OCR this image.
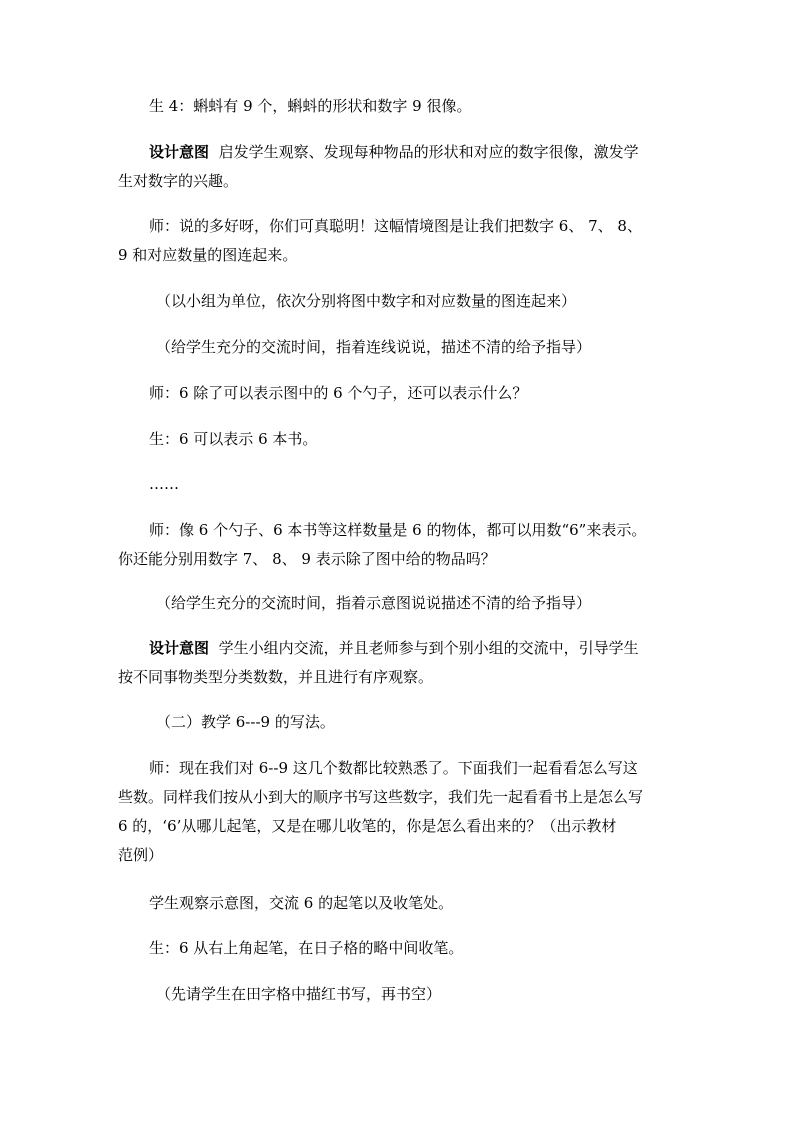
生 4：蝌蚪有 9 个，蝌蚪的形状和数字 9 很像。

设计意图 启发学生观察、发现每种物品的形状和对应的数字很像，激发学
生对数字的兴趣。

师：说的多好呀，你们可真聪明！这幅情境图是让我们把数字 6、 7、 8、
9 和对应数量的图连起来。

（以小组为单位，依次分别将图中数字和对应数量的图连起来）

（给学生充分的交流时间，指着连线说说，描述不清的给予指导）

师：6 除了可以表示图中的 6 个勺子，还可以表示什么？

生：6 可以表示 6 本书。

……

师：像 6 个勺子、6 本书等这样数量是 6 的物体，都可以用数“6”来表示。
你还能分别用数字 7、 8、 9 表示除了图中给的物品吗？

（给学生充分的交流时间，指着示意图说说描述不清的给予指导）

设计意图 学生小组内交流，并且老师参与到个别小组的交流中，引导学生
按不同事物类型分类数数，并且进行有序观察。

（二）教学 6---9 的写法。

师：现在我们对 6--9 这几个数都比较熟悉了。下面我们一起看看怎么写这
些数。同样我们按从小到大的顺序书写这些数字，我们先一起看看书上是怎么写
6 的，‘6’从哪儿起笔，又是在哪儿收笔的，你是怎么看出来的？（出示教材
范例）

学生观察示意图，交流 6 的起笔以及收笔处。

生：6 从右上角起笔，在日子格的略中间收笔。

（先请学生在田字格中描红书写，再书空）
